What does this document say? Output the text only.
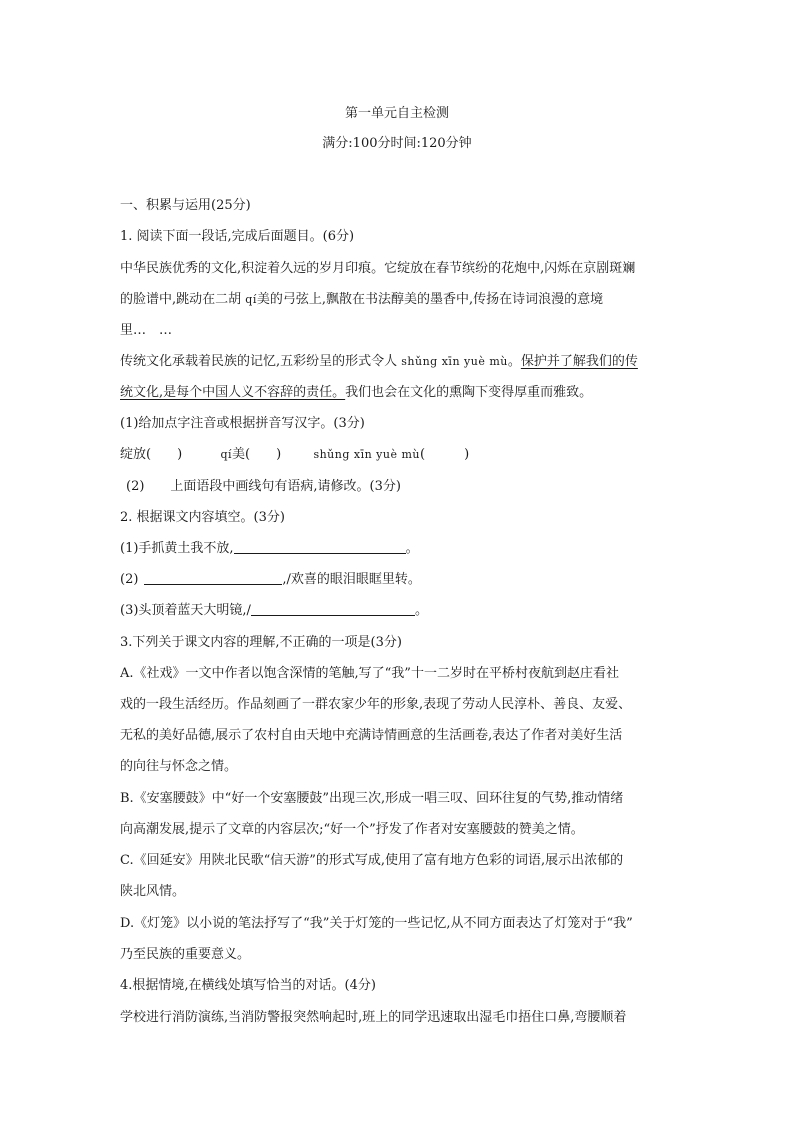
第一单元自主检测
满分:100分时间:120分钟
一、积累与运用(25分)
1. 阅读下面一段话,完成后面题目。(6分)
中华民族优秀的文化,积淀着久远的岁月印痕。它绽放在春节缤纷的花炮中,闪烁在京剧斑斓
的脸谱中,跳动在二胡 qí美的弓弦上,飘散在书法醇美的墨香中,传扬在诗词浪漫的意境
里…　…
传统文化承载着民族的记忆,五彩纷呈的形式令人 shǔng xīn yuè mù。保护并了解我们的传
统文化,是每个中国人义不容辞的责任。我们也会在文化的熏陶下变得厚重而雅致。
(1)给加点字注音或根据拼音写汉字。(3分)
绽放(　　)	qí美(　　)	shǔng xīn yuè mù(　　　)
(2) 上面语段中画线句有语病,请修改。(3分)
2. 根据课文内容填空。(3分)
(1)手抓黄土我不放,	。
(2)	,/欢喜的眼泪眼眶里转。
(3)头顶着蓝天大明镜,/	。
3.下列关于课文内容的理解,不正确的一项是(3分)
A.《社戏》一文中作者以饱含深情的笔触,写了“我”十一二岁时在平桥村夜航到赵庄看社
戏的一段生活经历。作品刻画了一群农家少年的形象,表现了劳动人民淳朴、善良、友爱、
无私的美好品德,展示了农村自由天地中充满诗情画意的生活画卷,表达了作者对美好生活
的向往与怀念之情。
B.《安塞腰鼓》中“好一个安塞腰鼓”出现三次,形成一唱三叹、回环往复的气势,推动情绪
向高潮发展,提示了文章的内容层次;“好一个”抒发了作者对安塞腰鼓的赞美之情。
C.《回延安》用陕北民歌“信天游”的形式写成,使用了富有地方色彩的词语,展示出浓郁的
陕北风情。
D.《灯笼》以小说的笔法抒写了“我”关于灯笼的一些记忆,从不同方面表达了灯笼对于“我”
乃至民族的重要意义。
4.根据情境,在横线处填写恰当的对话。(4分)
学校进行消防演练,当消防警报突然响起时,班上的同学迅速取出湿毛巾捂住口鼻,弯腰顺着
